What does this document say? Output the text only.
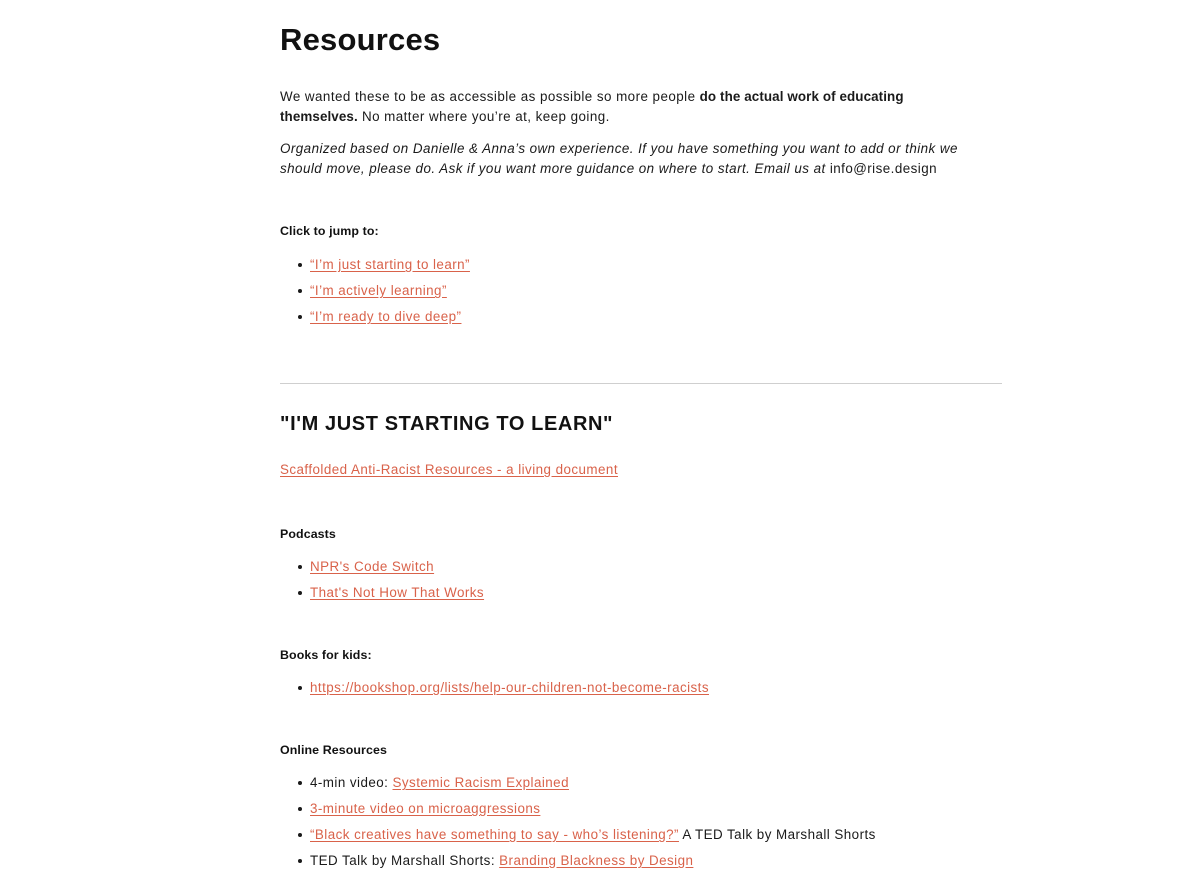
Resources

We wanted these to be as accessible as possible so more people do the actual work of educating themselves. No matter where you’re at, keep going.

Organized based on Danielle & Anna’s own experience. If you have something you want to add or think we should move, please do. Ask if you want more guidance on where to start. Email us at info@rise.design

Click to jump to:
“I’m just starting to learn”
“I’m actively learning”
“I’m ready to dive deep”
"I'M JUST STARTING TO LEARN"
Scaffolded Anti-Racist Resources - a living document
Podcasts
NPR's Code Switch
That's Not How That Works
Books for kids:
https://bookshop.org/lists/help-our-children-not-become-racists
Online Resources
4-min video: Systemic Racism Explained
3-minute video on microaggressions
“Black creatives have something to say - who’s listening?” A TED Talk by Marshall Shorts
TED Talk by Marshall Shorts: Branding Blackness by Design
